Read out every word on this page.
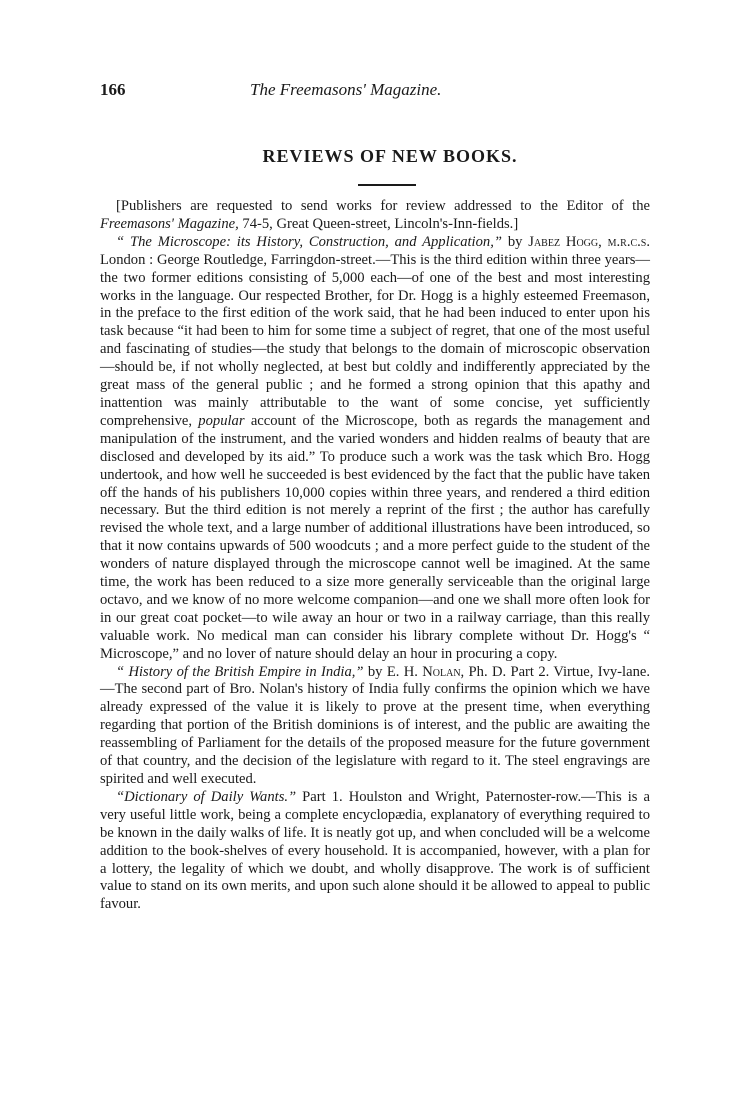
166	The Freemasons' Magazine.
REVIEWS OF NEW BOOKS.

[Publishers are requested to send works for review addressed to the Editor of the Freemasons' Magazine, 74-5, Great Queen-street, Lincoln's-Inn-fields.]

“ The Microscope: its History, Construction, and Application,” by Jabez Hogg, m.r.c.s. London : George Routledge, Farringdon-street.—This is the third edition within three years—the two former editions consisting of 5,000 each—of one of the best and most interesting works in the language. Our respected Brother, for Dr. Hogg is a highly esteemed Freemason, in the preface to the first edition of the work said, that he had been induced to enter upon his task because “it had been to him for some time a subject of regret, that one of the most useful and fascinating of studies—the study that belongs to the domain of microscopic observation—should be, if not wholly neglected, at best but coldly and indifferently appreciated by the great mass of the general public ; and he formed a strong opinion that this apathy and inattention was mainly attributable to the want of some concise, yet sufficiently comprehensive, popular account of the Microscope, both as regards the management and manipulation of the instrument, and the varied wonders and hidden realms of beauty that are disclosed and developed by its aid.” To produce such a work was the task which Bro. Hogg undertook, and how well he succeeded is best evidenced by the fact that the public have taken off the hands of his publishers 10,000 copies within three years, and rendered a third edition necessary. But the third edition is not merely a reprint of the first ; the author has carefully revised the whole text, and a large number of additional illustrations have been introduced, so that it now contains upwards of 500 woodcuts ; and a more perfect guide to the student of the wonders of nature displayed through the microscope cannot well be imagined. At the same time, the work has been reduced to a size more generally serviceable than the original large octavo, and we know of no more welcome companion—and one we shall more often look for in our great coat pocket—to wile away an hour or two in a railway carriage, than this really valuable work. No medical man can consider his library complete without Dr. Hogg's “ Microscope,” and no lover of nature should delay an hour in procuring a copy.

“ History of the British Empire in India,” by E. H. Nolan, Ph. D. Part 2. Virtue, Ivy-lane.—The second part of Bro. Nolan's history of India fully confirms the opinion which we have already expressed of the value it is likely to prove at the present time, when everything regarding that portion of the British dominions is of interest, and the public are awaiting the reassembling of Parliament for the details of the proposed measure for the future government of that country, and the decision of the legislature with regard to it. The steel engravings are spirited and well executed.

“Dictionary of Daily Wants.” Part 1. Houlston and Wright, Paternoster-row.—This is a very useful little work, being a complete encyclopædia, explanatory of everything required to be known in the daily walks of life. It is neatly got up, and when concluded will be a welcome addition to the book-shelves of every household. It is accompanied, however, with a plan for a lottery, the legality of which we doubt, and wholly disapprove. The work is of sufficient value to stand on its own merits, and upon such alone should it be allowed to appeal to public favour.
